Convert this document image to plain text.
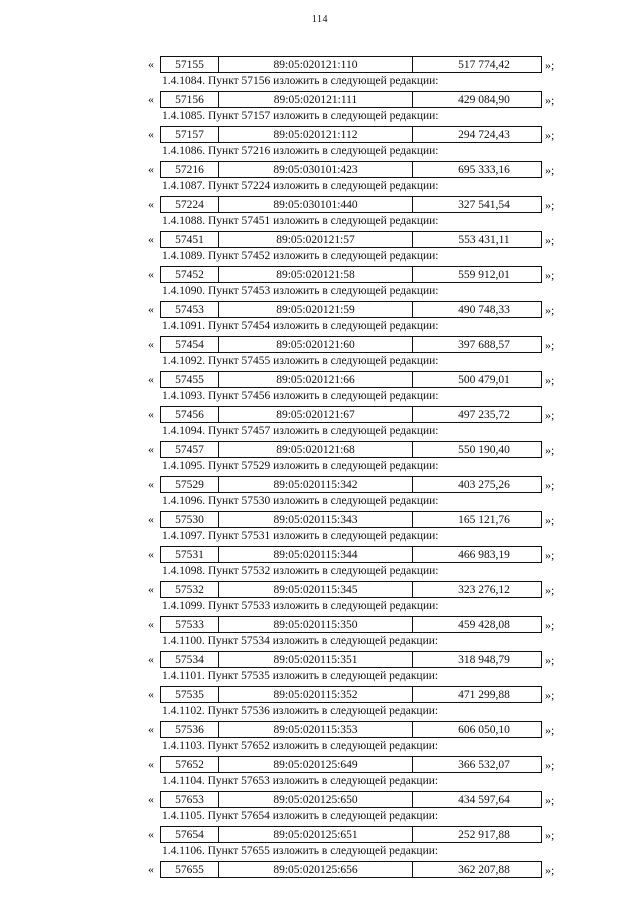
114
«	57155	89:05:020121:110	517 774,42	»;
1.4.1084. Пункт 57156 изложить в следующей редакции:
«	57156	89:05:020121:111	429 084,90	»;
1.4.1085. Пункт 57157 изложить в следующей редакции:
«	57157	89:05:020121:112	294 724,43	»;
1.4.1086. Пункт 57216 изложить в следующей редакции:
«	57216	89:05:030101:423	695 333,16	»;
1.4.1087. Пункт 57224 изложить в следующей редакции:
«	57224	89:05:030101:440	327 541,54	»;
1.4.1088. Пункт 57451 изложить в следующей редакции:
«	57451	89:05:020121:57	553 431,11	»;
1.4.1089. Пункт 57452 изложить в следующей редакции:
«	57452	89:05:020121:58	559 912,01	»;
1.4.1090. Пункт 57453 изложить в следующей редакции:
«	57453	89:05:020121:59	490 748,33	»;
1.4.1091. Пункт 57454 изложить в следующей редакции:
«	57454	89:05:020121:60	397 688,57	»;
1.4.1092. Пункт 57455 изложить в следующей редакции:
«	57455	89:05:020121:66	500 479,01	»;
1.4.1093. Пункт 57456 изложить в следующей редакции:
«	57456	89:05:020121:67	497 235,72	»;
1.4.1094. Пункт 57457 изложить в следующей редакции:
«	57457	89:05:020121:68	550 190,40	»;
1.4.1095. Пункт 57529 изложить в следующей редакции:
«	57529	89:05:020115:342	403 275,26	»;
1.4.1096. Пункт 57530 изложить в следующей редакции:
«	57530	89:05:020115:343	165 121,76	»;
1.4.1097. Пункт 57531 изложить в следующей редакции:
«	57531	89:05:020115:344	466 983,19	»;
1.4.1098. Пункт 57532 изложить в следующей редакции:
«	57532	89:05:020115:345	323 276,12	»;
1.4.1099. Пункт 57533 изложить в следующей редакции:
«	57533	89:05:020115:350	459 428,08	»;
1.4.1100. Пункт 57534 изложить в следующей редакции:
«	57534	89:05:020115:351	318 948,79	»;
1.4.1101. Пункт 57535 изложить в следующей редакции:
«	57535	89:05:020115:352	471 299,88	»;
1.4.1102. Пункт 57536 изложить в следующей редакции:
«	57536	89:05:020115:353	606 050,10	»;
1.4.1103. Пункт 57652 изложить в следующей редакции:
«	57652	89:05:020125:649	366 532,07	»;
1.4.1104. Пункт 57653 изложить в следующей редакции:
«	57653	89:05:020125:650	434 597,64	»;
1.4.1105. Пункт 57654 изложить в следующей редакции:
«	57654	89:05:020125:651	252 917,88	»;
1.4.1106. Пункт 57655 изложить в следующей редакции:
«	57655	89:05:020125:656	362 207,88	»;
